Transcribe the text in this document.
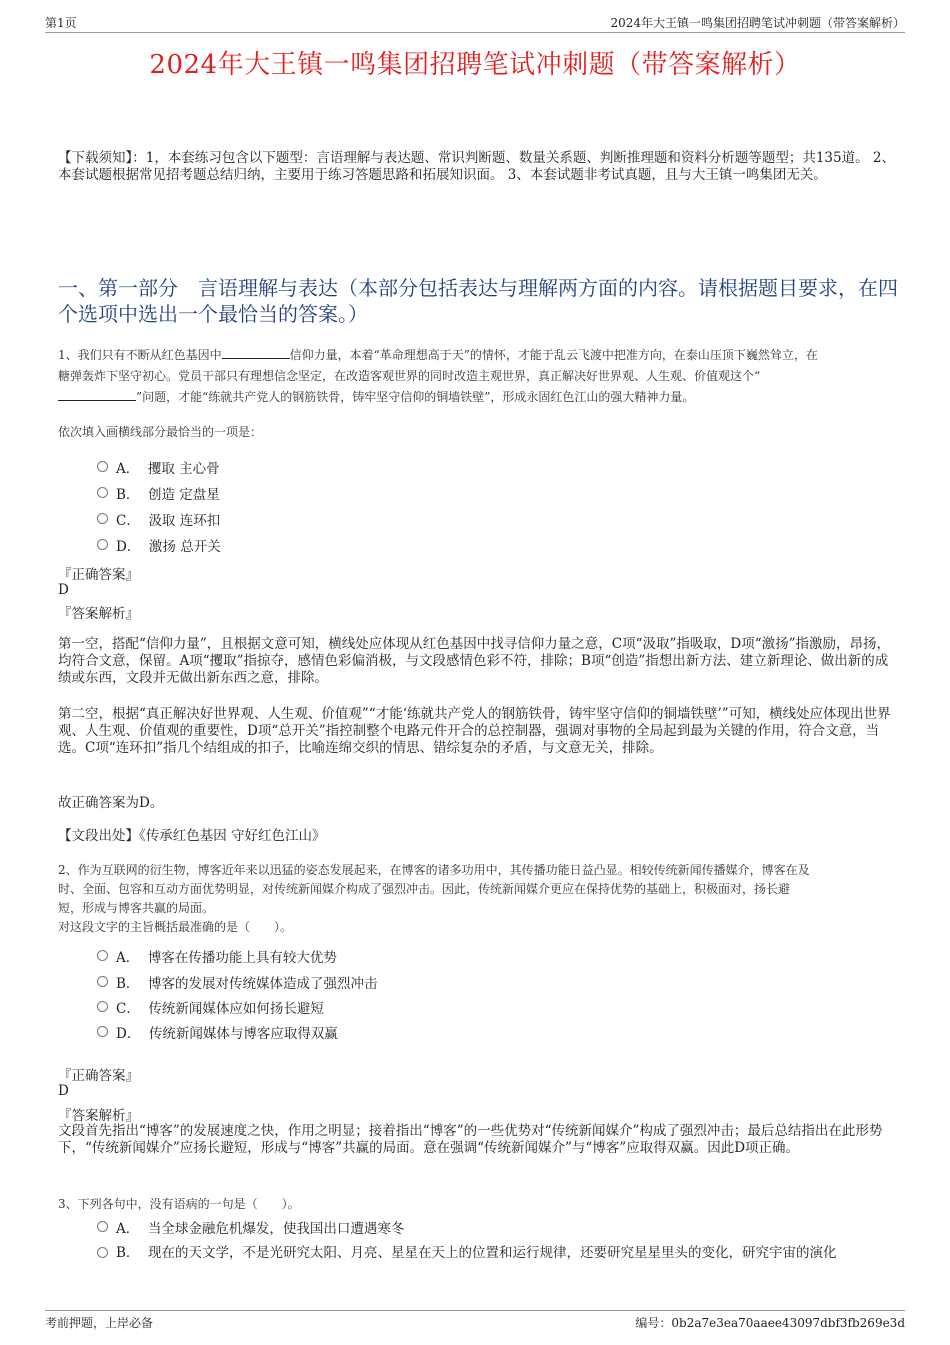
第1页	2024年大王镇一鸣集团招聘笔试冲刺题（带答案解析）
2024年大王镇一鸣集团招聘笔试冲刺题（带答案解析）
【下载须知】：1，本套练习包含以下题型：言语理解与表达题、常识判断题、数量关系题、判断推理题和资料分析题等题型；共135道。 2、本套试题根据常见招考题总结归纳，主要用于练习答题思路和拓展知识面。 3、本套试题非考试真题，且与大王镇一鸣集团无关。
一、第一部分　言语理解与表达（本部分包括表达与理解两方面的内容。请根据题目要求，在四个选项中选出一个最恰当的答案。）
1、我们只有不断从红色基因中	信仰力量，本着“革命理想高于天”的情怀，才能于乱云飞渡中把准方向，在泰山压顶下巍然耸立，在
糖弹轰炸下坚守初心。党员干部只有理想信念坚定，在改造客观世界的同时改造主观世界，真正解决好世界观、人生观、价值观这个“
”问题，才能“练就共产党人的钢筋铁骨，铸牢坚守信仰的铜墙铁壁”，形成永固红色江山的强大精神力量。
依次填入画横线部分最恰当的一项是：
A．
攫取 主心骨
B．
创造 定盘星
C．
汲取 连环扣
D．
激扬 总开关
『正确答案』
D
『答案解析』
第一空，搭配“信仰力量”，且根据文意可知，横线处应体现从红色基因中找寻信仰力量之意，C项“汲取”指吸取，D项“激扬”指激励，昂扬，均符合文意，保留。A项“攫取”指掠夺，感情色彩偏消极，与文段感情色彩不符，排除；B项“创造”指想出新方法、建立新理论、做出新的成绩或东西，文段并无做出新东西之意，排除。
第二空，根据“真正解决好世界观、人生观、价值观”“才能‘练就共产党人的钢筋铁骨，铸牢坚守信仰的铜墙铁壁’”可知，横线处应体现出世界观、人生观、价值观的重要性，D项“总开关”指控制整个电路元件开合的总控制器，强调对事物的全局起到最为关键的作用，符合文意，当选。C项“连环扣”指几个结组成的扣子，比喻连绵交织的情思、错综复杂的矛盾，与文意无关，排除。
故正确答案为D。
【文段出处】《传承红色基因 守好红色江山》
2、作为互联网的衍生物，博客近年来以迅猛的姿态发展起来，在博客的诸多功用中，其传播功能日益凸显。相较传统新闻传播媒介，博客在及
时、全面、包容和互动方面优势明显，对传统新闻媒介构成了强烈冲击。因此，传统新闻媒介更应在保持优势的基础上，积极面对，扬长避
短，形成与博客共赢的局面。
对这段文字的主旨概括最准确的是（　　）。
A．
博客在传播功能上具有较大优势
B．
博客的发展对传统媒体造成了强烈冲击
C．
传统新闻媒体应如何扬长避短
D．
传统新闻媒体与博客应取得双赢
『正确答案』
D
『答案解析』
文段首先指出“博客”的发展速度之快，作用之明显；接着指出“博客”的一些优势对“传统新闻媒介”构成了强烈冲击；最后总结指出在此形势下，“传统新闻媒介”应扬长避短，形成与“博客”共赢的局面。意在强调“传统新闻媒介”与“博客”应取得双赢。因此D项正确。
3、下列各句中，没有语病的一句是（　　）。
A．
当全球金融危机爆发，使我国出口遭遇寒冬
B． 现在的天文学，不是光研究太阳、月亮、星星在天上的位置和运行规律，还要研究星星里头的变化，研究宇宙的演化
考前押题，上岸必备	编号：0b2a7e3ea70aaee43097dbf3fb269e3d
